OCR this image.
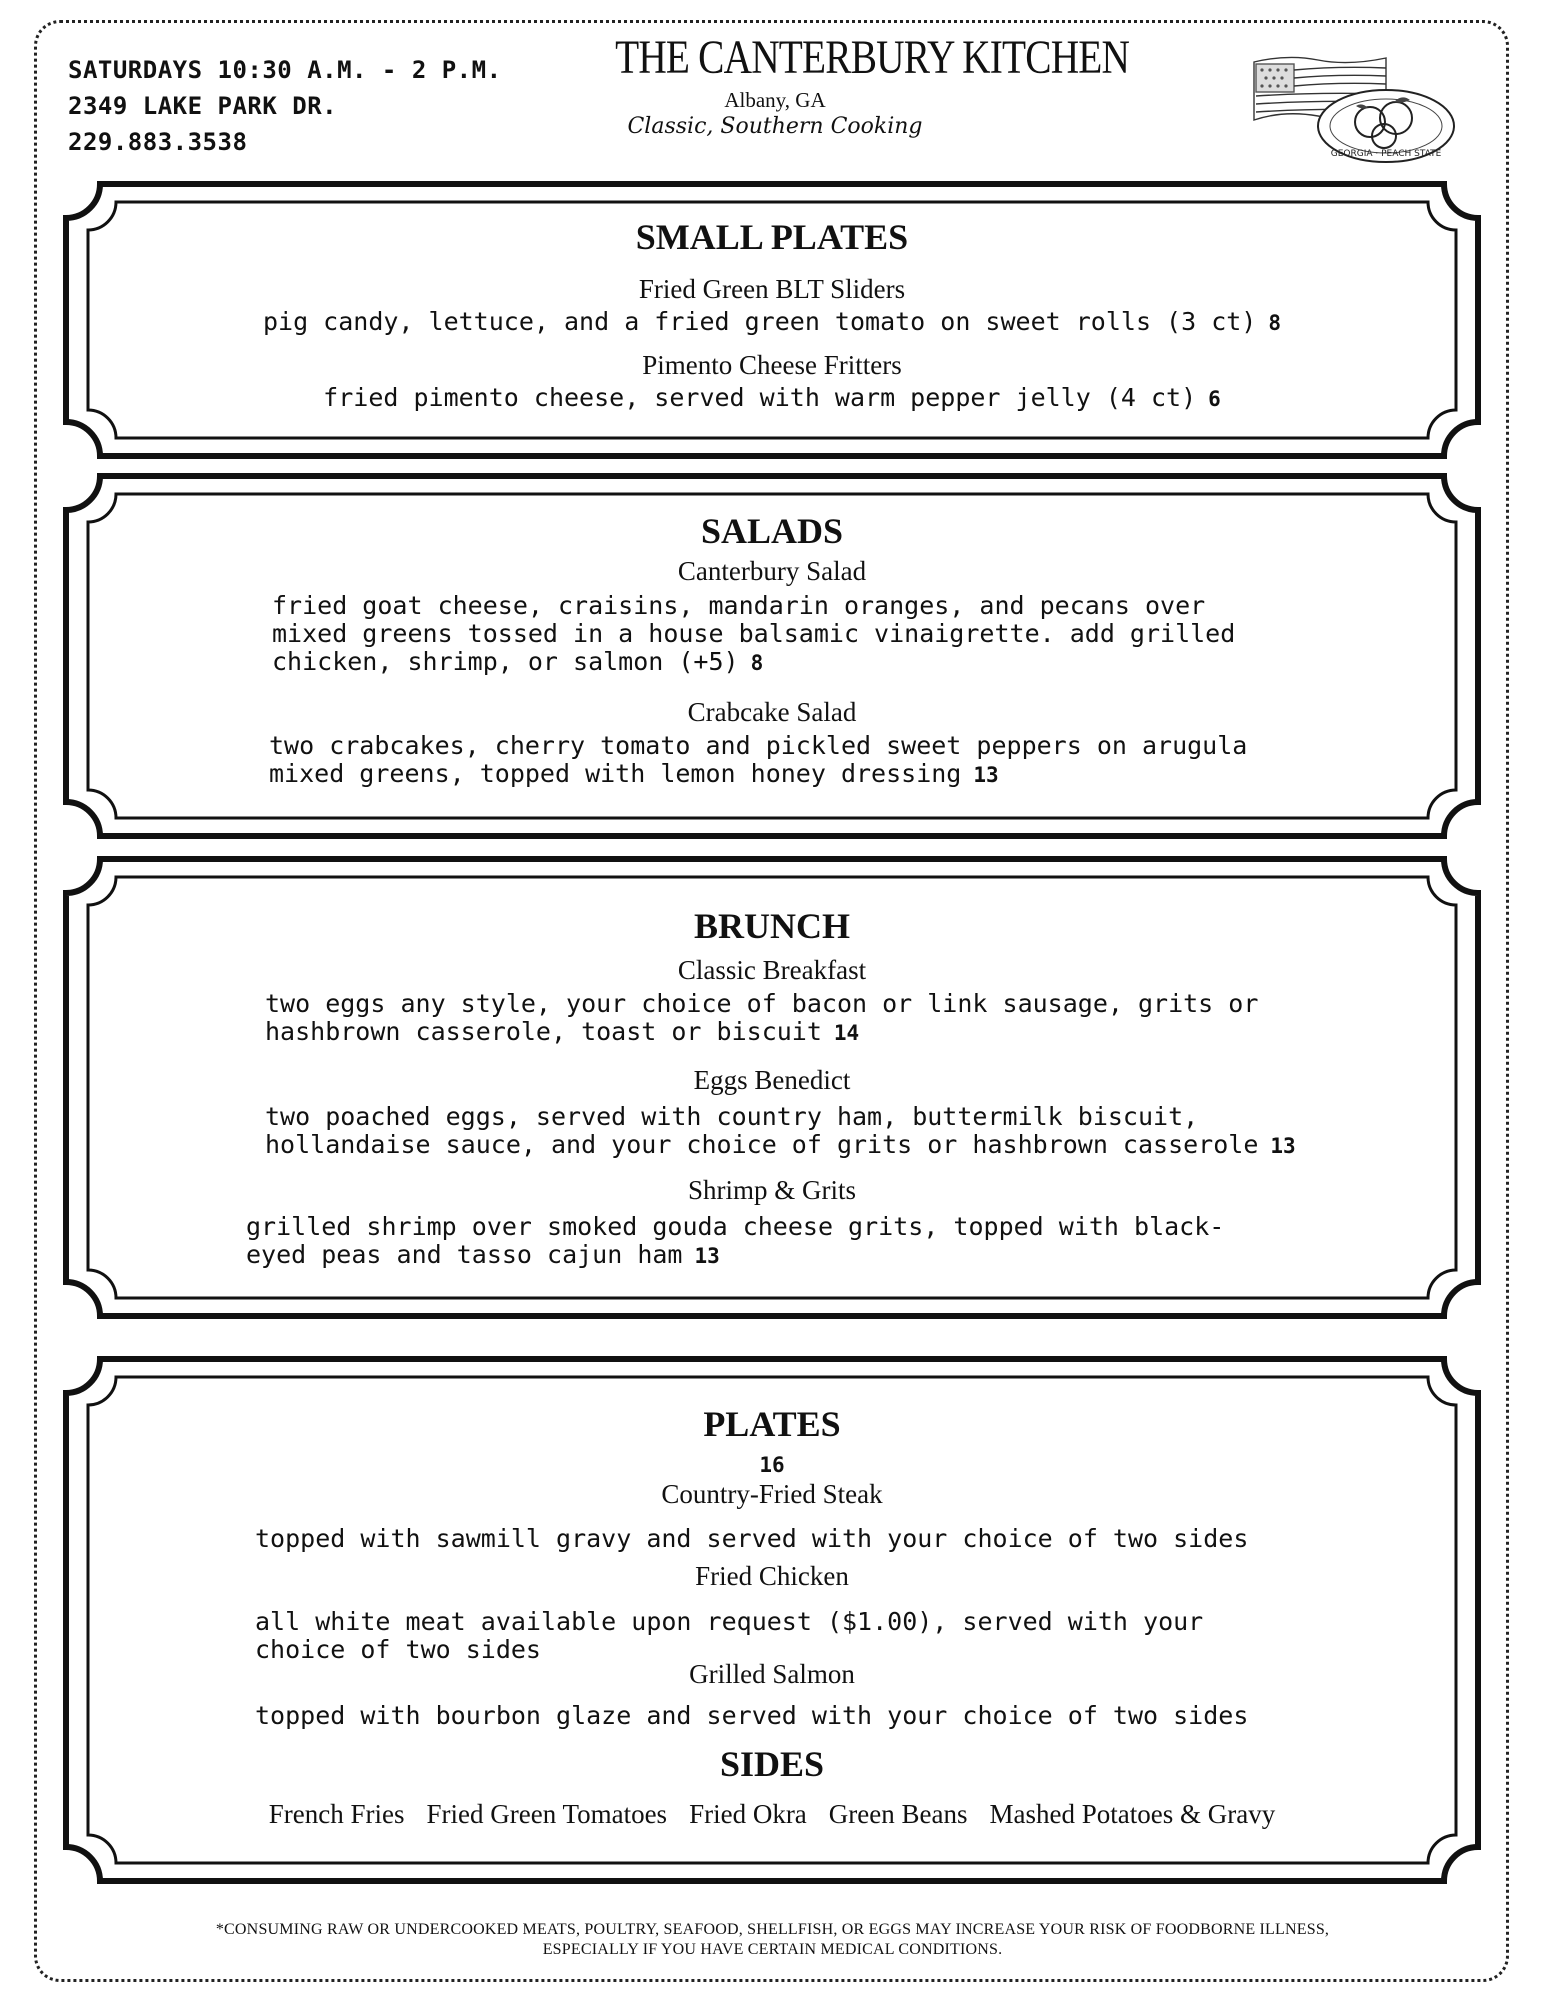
SATURDAYS 10:30 A.M. - 2 P.M.
2349 LAKE PARK DR.
229.883.3538
THE CANTERBURY KITCHEN
Albany, GA
Classic, Southern Cooking
GEORGIA · PEACH STATE
SMALL PLATES
Fried Green BLT Sliders
pig candy, lettuce, and a fried green tomato on sweet rolls (3 ct) 8
Pimento Cheese Fritters
fried pimento cheese, served with warm pepper jelly (4 ct) 6
SALADS
Canterbury Salad
fried goat cheese, craisins, mandarin oranges, and pecans over
mixed greens tossed in a house balsamic vinaigrette. add grilled
chicken, shrimp, or salmon (+5) 8
Crabcake Salad
two crabcakes, cherry tomato and pickled sweet peppers on arugula
mixed greens, topped with lemon honey dressing 13
BRUNCH
Classic Breakfast
two eggs any style, your choice of bacon or link sausage, grits or
hashbrown casserole, toast or biscuit 14
Eggs Benedict
two poached eggs, served with country ham, buttermilk biscuit,
hollandaise sauce, and your choice of grits or hashbrown casserole 13
Shrimp & Grits
grilled shrimp over smoked gouda cheese grits, topped with black-
eyed peas and tasso cajun ham 13
PLATES
16
Country-Fried Steak
topped with sawmill gravy and served with your choice of two sides
Fried Chicken
all white meat available upon request ($1.00), served with your
choice of two sides
Grilled Salmon
topped with bourbon glaze and served with your choice of two sides
SIDES
French Fries Fried Green Tomatoes Fried Okra Green Beans Mashed Potatoes & Gravy
*CONSUMING RAW OR UNDERCOOKED MEATS, POULTRY, SEAFOOD, SHELLFISH, OR EGGS MAY INCREASE YOUR RISK OF FOODBORNE ILLNESS,
ESPECIALLY IF YOU HAVE CERTAIN MEDICAL CONDITIONS.
